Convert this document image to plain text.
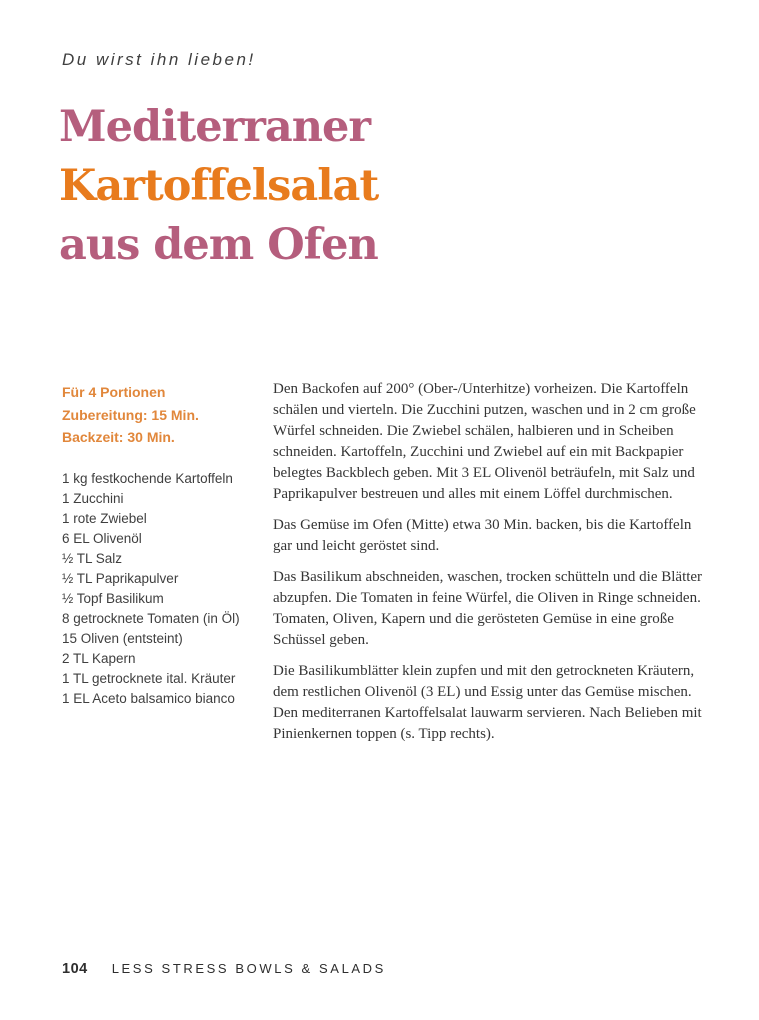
Du wirst ihn lieben!
Mediterraner
Kartoffelsalat
aus dem Ofen
Für 4 Portionen
Zubereitung: 15 Min.
Backzeit: 30 Min.
1 kg festkochende Kartoffeln
1 Zucchini
1 rote Zwiebel
6 EL Olivenöl
½ TL Salz
½ TL Paprikapulver
½ Topf Basilikum
8 getrocknete Tomaten (in Öl)
15 Oliven (entsteint)
2 TL Kapern
1 TL getrocknete ital. Kräuter
1 EL Aceto balsamico bianco

Den Backofen auf 200° (Ober-/Unterhitze) vorheizen. Die Kartoffeln schälen und vierteln. Die Zucchini putzen, waschen und in 2 cm große Würfel schneiden. Die Zwiebel schälen, halbieren und in Scheiben schneiden. Kartoffeln, Zucchini und Zwiebel auf ein mit Backpapier belegtes Backblech geben. Mit 3 EL Olivenöl beträufeln, mit Salz und Paprikapulver bestreuen und alles mit einem Löffel durchmischen.

Das Gemüse im Ofen (Mitte) etwa 30 Min. backen, bis die Kartoffeln gar und leicht geröstet sind.

Das Basilikum abschneiden, waschen, trocken schütteln und die Blätter abzupfen. Die Tomaten in feine Würfel, die Oliven in Ringe schneiden. Tomaten, Oliven, Kapern und die gerösteten Gemüse in eine große Schüssel geben.

Die Basilikumblätter klein zupfen und mit den getrockneten Kräutern, dem restlichen Olivenöl (3 EL) und Essig unter das Gemüse mischen. Den mediterranen Kartoffelsalat lauwarm servieren. Nach Belieben mit Pinienkernen toppen (s. Tipp rechts).

104 LESS STRESS BOWLS & SALADS
